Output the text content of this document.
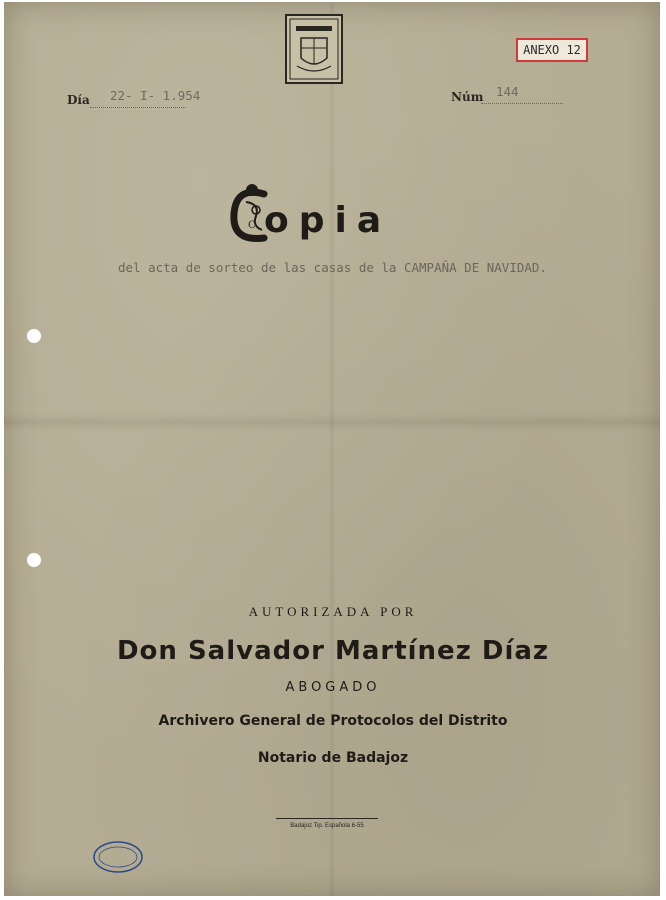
ANEXO 12
Día 22- I- 1.954	Núm 144
C opia
del acta de sorteo de las casas de la CAMPAÑA DE NAVIDAD.
AUTORIZADA POR
Don Salvador Martínez Díaz
ABOGADO
Archivero General de Protocolos del Distrito
Notario de Badajoz
Badajoz Tip. Española 6-55
